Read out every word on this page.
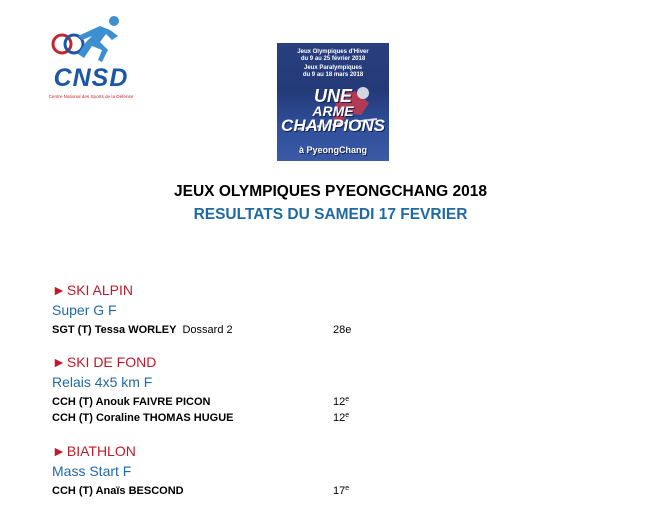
CNSD
Centre National des Sports de la Défense
Jeux Olympiques d'Hiver
du 9 au 25 février 2018
Jeux Paralympiques
du 9 au 18 mars 2018
UNE
ARME
CHAMPIONS
à PyeongChang
JEUX OLYMPIQUES PYEONGCHANG 2018
RESULTATS DU SAMEDI 17 FEVRIER
►SKI ALPIN
Super G F
SGT (T) Tessa WORLEY Dossard 2	28e
►SKI DE FOND
Relais 4x5 km F
CCH (T) Anouk FAIVRE PICON	12e
CCH (T) Coraline THOMAS HUGUE	12e
►BIATHLON
Mass Start F
CCH (T) Anaïs BESCOND	17e
